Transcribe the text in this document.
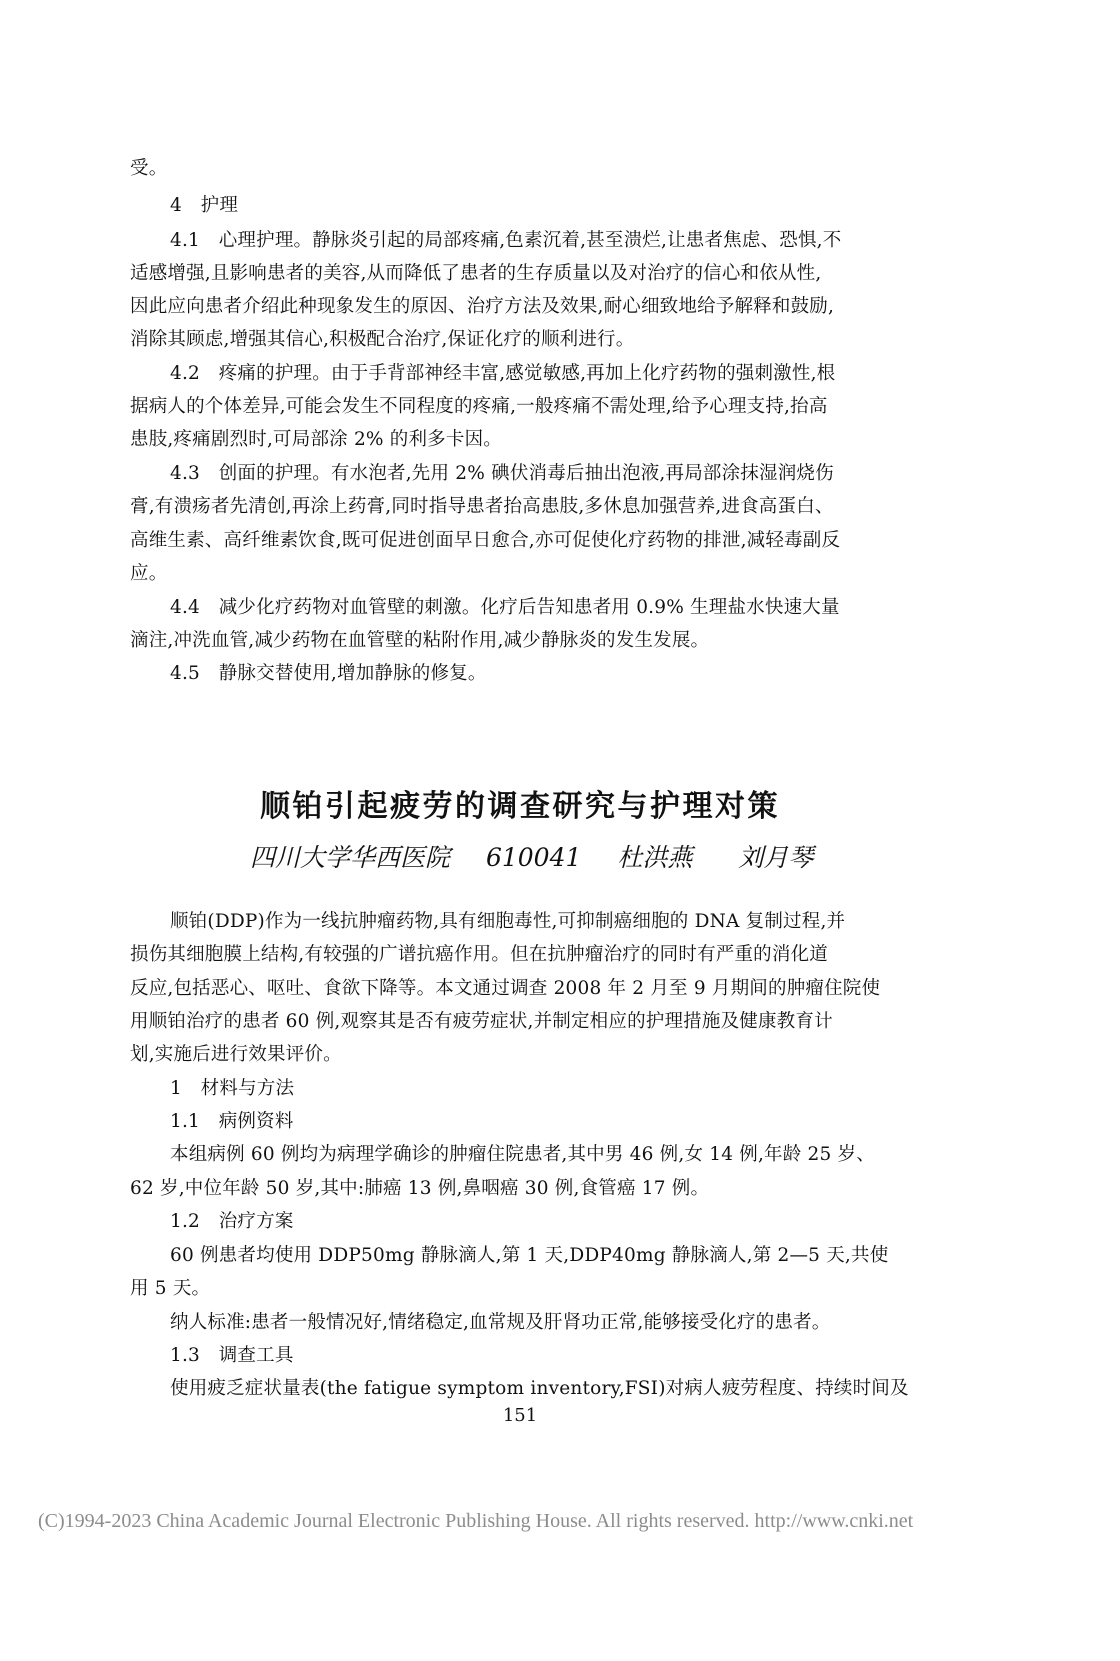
受。

4　护理

4.1　心理护理。静脉炎引起的局部疼痛,色素沉着,甚至溃烂,让患者焦虑、恐惧,不

适感增强,且影响患者的美容,从而降低了患者的生存质量以及对治疗的信心和依从性,

因此应向患者介绍此种现象发生的原因、治疗方法及效果,耐心细致地给予解释和鼓励,

消除其顾虑,增强其信心,积极配合治疗,保证化疗的顺利进行。

4.2　疼痛的护理。由于手背部神经丰富,感觉敏感,再加上化疗药物的强刺激性,根

据病人的个体差异,可能会发生不同程度的疼痛,一般疼痛不需处理,给予心理支持,抬高

患肢,疼痛剧烈时,可局部涂 2% 的利多卡因。

4.3　创面的护理。有水泡者,先用 2% 碘伏消毒后抽出泡液,再局部涂抹湿润烧伤

膏,有溃疡者先清创,再涂上药膏,同时指导患者抬高患肢,多休息加强营养,进食高蛋白、

高维生素、高纤维素饮食,既可促进创面早日愈合,亦可促使化疗药物的排泄,减轻毒副反

应。

4.4　减少化疗药物对血管壁的刺激。化疗后告知患者用 0.9% 生理盐水快速大量

滴注,冲洗血管,减少药物在血管壁的粘附作用,减少静脉炎的发生发展。

4.5　静脉交替使用,增加静脉的修复。

顺铂引起疲劳的调查研究与护理对策
四川大学华西医院 610041 杜洪燕 刘月琴

顺铂(DDP)作为一线抗肿瘤药物,具有细胞毒性,可抑制癌细胞的 DNA 复制过程,并

损伤其细胞膜上结构,有较强的广谱抗癌作用。但在抗肿瘤治疗的同时有严重的消化道

反应,包括恶心、呕吐、食欲下降等。本文通过调查 2008 年 2 月至 9 月期间的肿瘤住院使

用顺铂治疗的患者 60 例,观察其是否有疲劳症状,并制定相应的护理措施及健康教育计

划,实施后进行效果评价。

1　材料与方法

1.1　病例资料

本组病例 60 例均为病理学确诊的肿瘤住院患者,其中男 46 例,女 14 例,年龄 25 岁、

62 岁,中位年龄 50 岁,其中:肺癌 13 例,鼻咽癌 30 例,食管癌 17 例。

1.2　治疗方案

60 例患者均使用 DDP50mg 静脉滴人,第 1 天,DDP40mg 静脉滴人,第 2—5 天,共使

用 5 天。

纳人标准:患者一般情况好,情绪稳定,血常规及肝肾功正常,能够接受化疗的患者。

1.3　调查工具

使用疲乏症状量表(the fatigue symptom inventory,FSI)对病人疲劳程度、持续时间及

151
(C)1994-2023 China Academic Journal Electronic Publishing House. All rights reserved. http://www.cnki.net
